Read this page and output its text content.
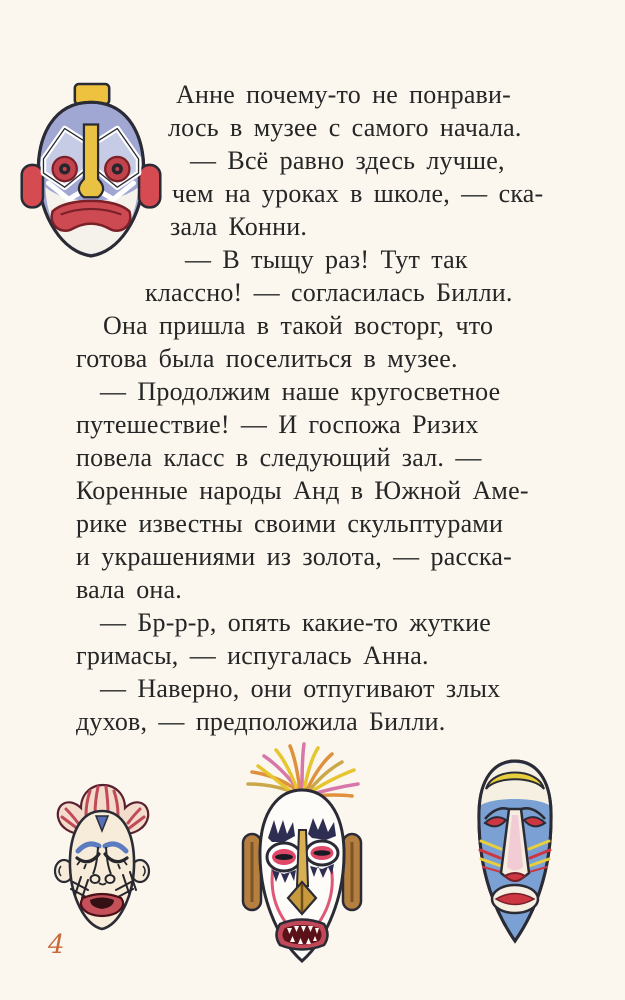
Анне почему-то не понрави-
лось в музее с самого начала.
— Всё равно здесь лучше,
чем на уроках в школе, — ска-
зала Конни.
— В тыщу раз! Тут так
классно! — согласилась Билли.
Она пришла в такой восторг, что
готова была поселиться в музее.
— Продолжим наше кругосветное
путешествие! — И госпожа Ризих
повела класс в следующий зал. —
Коренные народы Анд в Южной Аме-
рике известны своими скульптурами
и украшениями из золота, — расска-
вала она.
— Бр-р-р, опять какие-то жуткие
гримасы, — испугалась Анна.
— Наверно, они отпугивают злых
духов, — предположила Билли.
4
